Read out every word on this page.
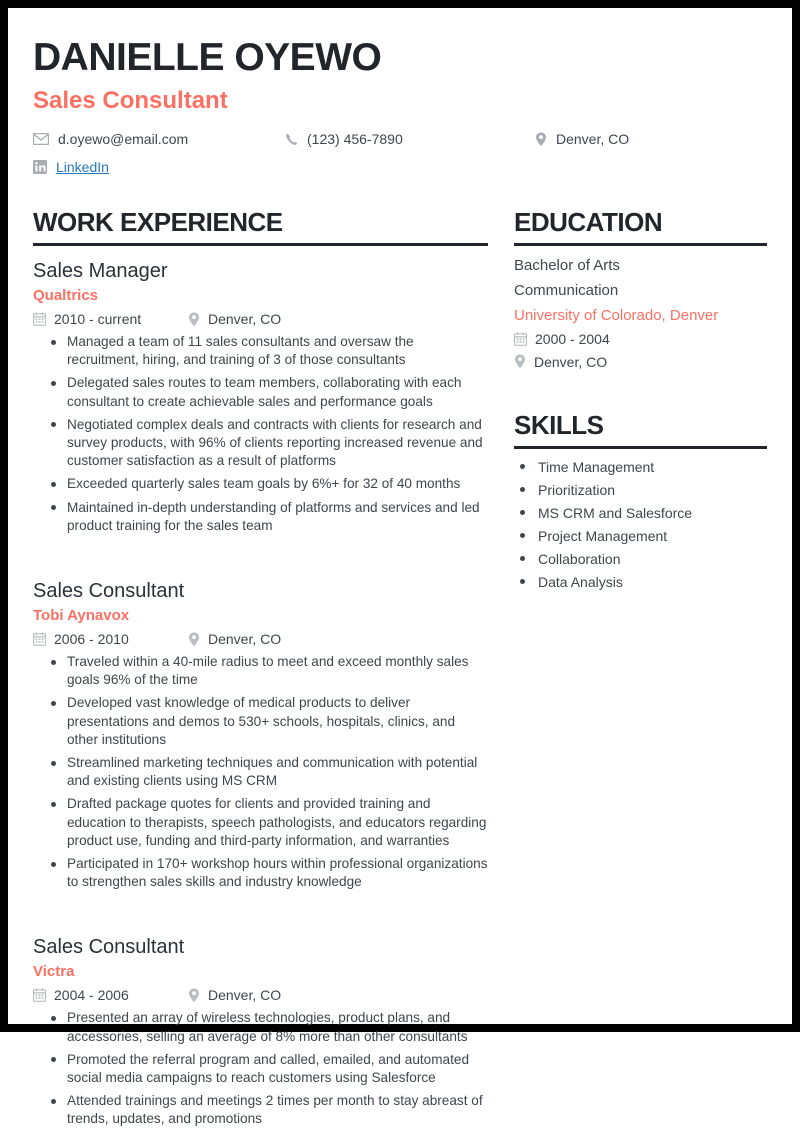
DANIELLE OYEWO
Sales Consultant
d.oyewo@email.com	(123) 456-7890	Denver, CO
LinkedIn
WORK EXPERIENCE
Sales Manager
Qualtrics
2010 - current	Denver, CO
Managed a team of 11 sales consultants and oversaw the recruitment, hiring, and training of 3 of those consultants
Delegated sales routes to team members, collaborating with each consultant to create achievable sales and performance goals
Negotiated complex deals and contracts with clients for research and survey products, with 96% of clients reporting increased revenue and customer satisfaction as a result of platforms
Exceeded quarterly sales team goals by 6%+ for 32 of 40 months
Maintained in-depth understanding of platforms and services and led product training for the sales team
Sales Consultant
Tobi Aynavox
2006 - 2010	Denver, CO
Traveled within a 40-mile radius to meet and exceed monthly sales goals 96% of the time
Developed vast knowledge of medical products to deliver presentations and demos to 530+ schools, hospitals, clinics, and other institutions
Streamlined marketing techniques and communication with potential and existing clients using MS CRM
Drafted package quotes for clients and provided training and education to therapists, speech pathologists, and educators regarding product use, funding and third-party information, and warranties
Participated in 170+ workshop hours within professional organizations to strengthen sales skills and industry knowledge
Sales Consultant
Victra
2004 - 2006	Denver, CO
Presented an array of wireless technologies, product plans, and accessories, selling an average of 8% more than other consultants
Promoted the referral program and called, emailed, and automated social media campaigns to reach customers using Salesforce
Attended trainings and meetings 2 times per month to stay abreast of trends, updates, and promotions
EDUCATION
Bachelor of Arts
Communication
University of Colorado, Denver
2000 - 2004
Denver, CO
SKILLS
Time Management
Prioritization
MS CRM and Salesforce
Project Management
Collaboration
Data Analysis
